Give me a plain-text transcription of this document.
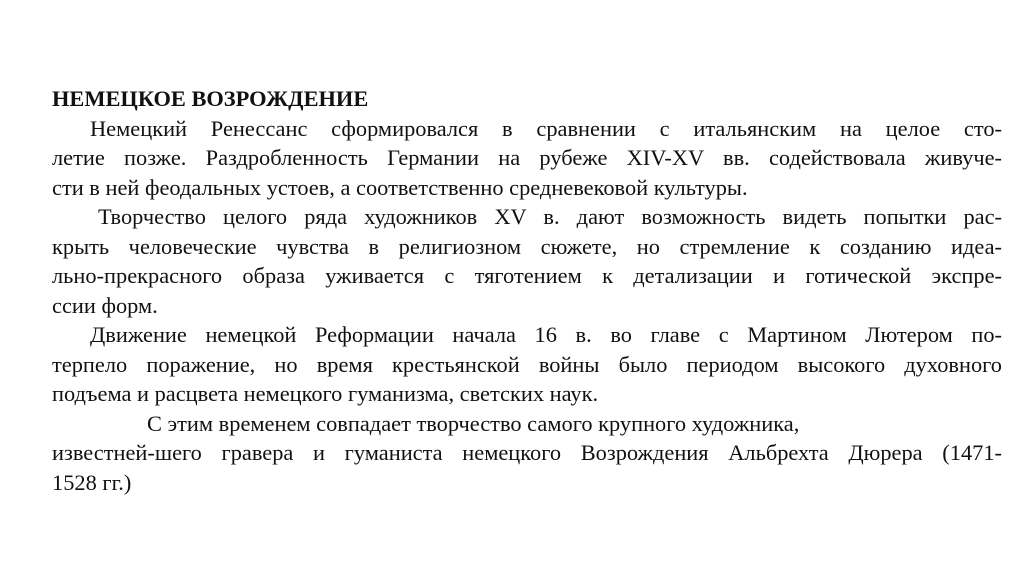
НЕМЕЦКОЕ ВОЗРОЖДЕНИЕ
Немецкий Ренессанс сформировался в сравнении с итальянским на целое сто-
летие позже. Раздробленность Германии на рубеже XIV-XV вв. содействовала живуче-
сти в ней феодальных устоев, а соответственно средневековой культуры.
Творчество целого ряда художников XV в. дают возможность видеть попытки рас-
крыть человеческие чувства в религиозном сюжете, но стремление к созданию идеа-
льно-прекрасного образа уживается с тяготением к детализации и готической экспре-
ссии форм.
Движение немецкой Реформации начала 16 в. во главе с Мартином Лютером по-
терпело поражение, но время крестьянской войны было периодом высокого духовного
подъема и расцвета немецкого гуманизма, светских наук.
С этим временем совпадает творчество самого крупного художника,
известней-шего гравера и гуманиста немецкого Возрождения Альбрехта Дюрера (1471-
1528 гг.)
